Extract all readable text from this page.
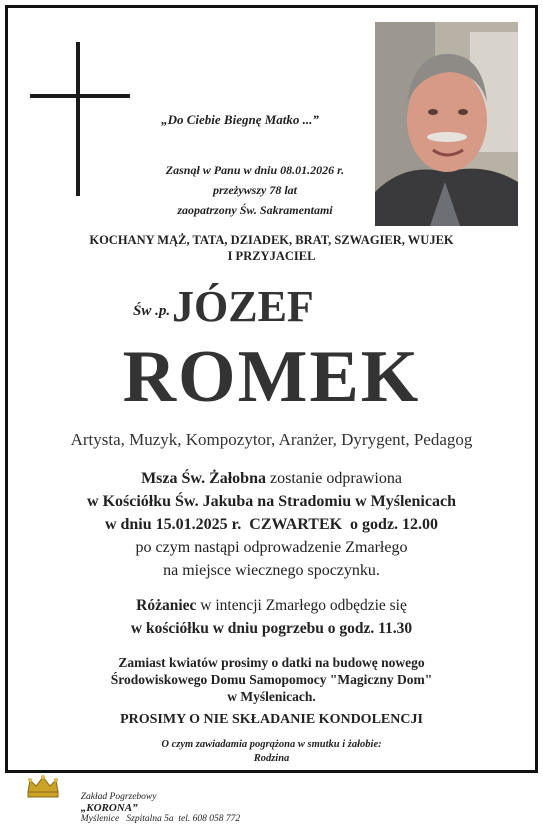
„Do Ciebie Biegnę Matko ...”
Zasnął w Panu w dniu 08.01.2026 r.
przeżywszy 78 lat
zaopatrzony Św. Sakramentami
KOCHANY MĄŻ, TATA, DZIADEK, BRAT, SZWAGIER, WUJEK
I PRZYJACIEL
Św .p. JÓZEF
ROMEK
Artysta, Muzyk, Kompozytor, Aranżer, Dyrygent, Pedagog
Msza Św. Żałobna zostanie odprawiona
w Kościółku Św. Jakuba na Stradomiu w Myślenicach
w dniu 15.01.2025 r.  CZWARTEK  o godz. 12.00
po czym nastąpi odprowadzenie Zmarłego
na miejsce wiecznego spoczynku.
Różaniec w intencji Zmarłego odbędzie się
w kościółku w dniu pogrzebu o godz. 11.30
Zamiast kwiatów prosimy o datki na budowę nowego
Środowiskowego Domu Samopomocy "Magiczny Dom"
w Myślenicach.
PROSIMY O NIE SKŁADANIE KONDOLENCJI
O czym zawiadamia pogrążona w smutku i żałobie:
Rodzina

Zakład Pogrzebowy
„KORONA”
Myślenice   Szpitalna 5a  tel. 608 058 772
